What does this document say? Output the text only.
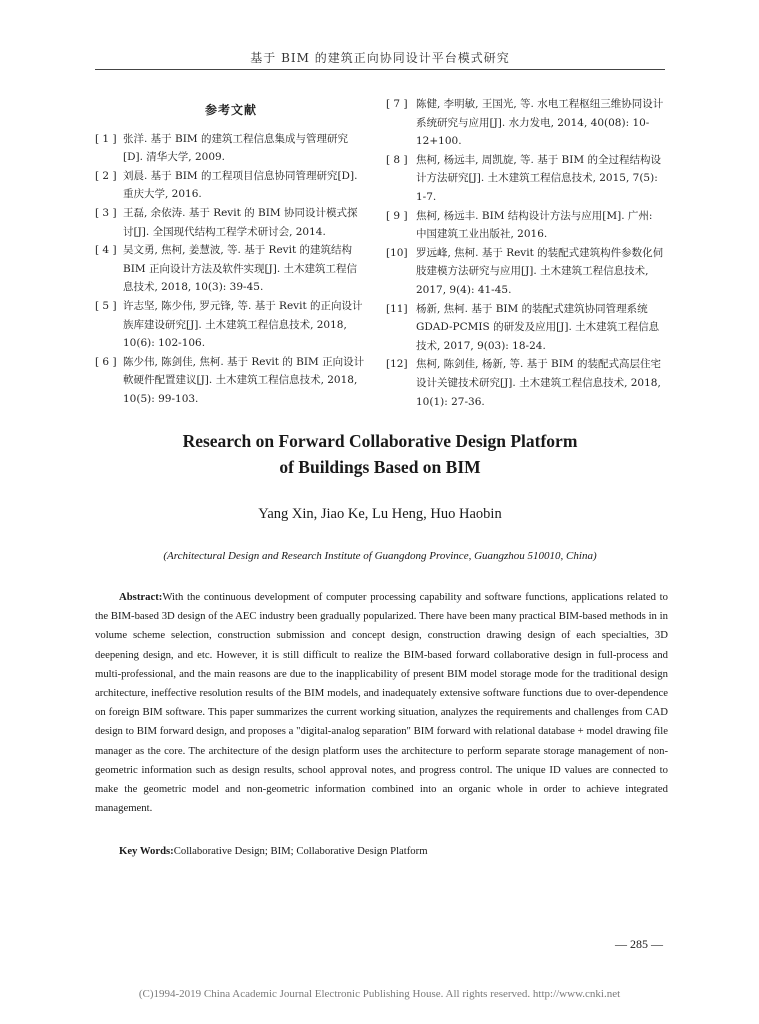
基于 BIM 的建筑正向协同设计平台模式研究
参考文献
[ 1 ] 张洋. 基于 BIM 的建筑工程信息集成与管理研究[D]. 清华大学, 2009.
[ 2 ] 刘晨. 基于 BIM 的工程项目信息协同管理研究[D]. 重庆大学, 2016.
[ 3 ] 王磊, 余依涛. 基于 Revit 的 BIM 协同设计模式探讨[J]. 全国现代结构工程学术研讨会, 2014.
[ 4 ] 吴文勇, 焦柯, 姜慧波, 等. 基于 Revit 的建筑结构 BIM 正向设计方法及软件实现[J]. 土木建筑工程信息技术, 2018, 10(3): 39-45.
[ 5 ] 许志坚, 陈少伟, 罗元锋, 等. 基于 Revit 的正向设计族库建设研究[J]. 土木建筑工程信息技术, 2018, 10(6): 102-106.
[ 6 ] 陈少伟, 陈剑佳, 焦柯. 基于 Revit 的 BIM 正向设计軟硬件配置建议[J]. 土木建筑工程信息技术, 2018, 10(5): 99-103.
[ 7 ] 陈健, 李明敏, 王国光, 等. 水电工程枢纽三维协同设计系统研究与应用[J]. 水力发电, 2014, 40(08): 10-12+100.
[ 8 ] 焦柯, 杨远丰, 周凯旋, 等. 基于 BIM 的全过程结构设计方法研究[J]. 土木建筑工程信息技术, 2015, 7(5): 1-7.
[ 9 ] 焦柯, 杨远丰. BIM 结构设计方法与应用[M]. 广州: 中国建筑工业出版社, 2016.
[10] 罗远峰, 焦柯. 基于 Revit 的装配式建筑构件参数化伺肢建模方法研究与应用[J]. 土木建筑工程信息技术, 2017, 9(4): 41-45.
[11] 杨新, 焦柯. 基于 BIM 的装配式建筑协同管理系统 GDAD-PCMIS 的研发及应用[J]. 土木建筑工程信息技术, 2017, 9(03): 18-24.
[12] 焦柯, 陈剑佳, 杨新, 等. 基于 BIM 的装配式高层住宅设计关键技术研究[J]. 土木建筑工程信息技术, 2018, 10(1): 27-36.
Research on Forward Collaborative Design Platform
of Buildings Based on BIM
Yang Xin, Jiao Ke, Lu Heng, Huo Haobin
(Architectural Design and Research Institute of Guangdong Province, Guangzhou 510010, China)
Abstract:With the continuous development of computer processing capability and software functions, applications related to the BIM-based 3D design of the AEC industry been gradually popularized. There have been many practical BIM-based methods in in volume scheme selection, construction submission and concept design, construction drawing design of each specialties, 3D deepening design, and etc. However, it is still difficult to realize the BIM-based forward collaborative design in full-process and multi-professional, and the main reasons are due to the inapplicability of present BIM model storage mode for the traditional design architecture, ineffective resolution results of the BIM models, and inadequately extensive software functions due to over-dependence on foreign BIM software. This paper summarizes the current working situation, analyzes the requirements and challenges from CAD design to BIM forward design, and proposes a "digital-analog separation" BIM forward with relational database + model drawing file manager as the core. The architecture of the design platform uses the architecture to perform separate storage management of non-geometric information such as design results, school approval notes, and progress control. The unique ID values are connected to make the geometric model and non-geometric information combined into an organic whole in order to achieve integrated management.
Key Words:Collaborative Design; BIM; Collaborative Design Platform
— 285 —
(C)1994-2019 China Academic Journal Electronic Publishing House. All rights reserved. http://www.cnki.net
